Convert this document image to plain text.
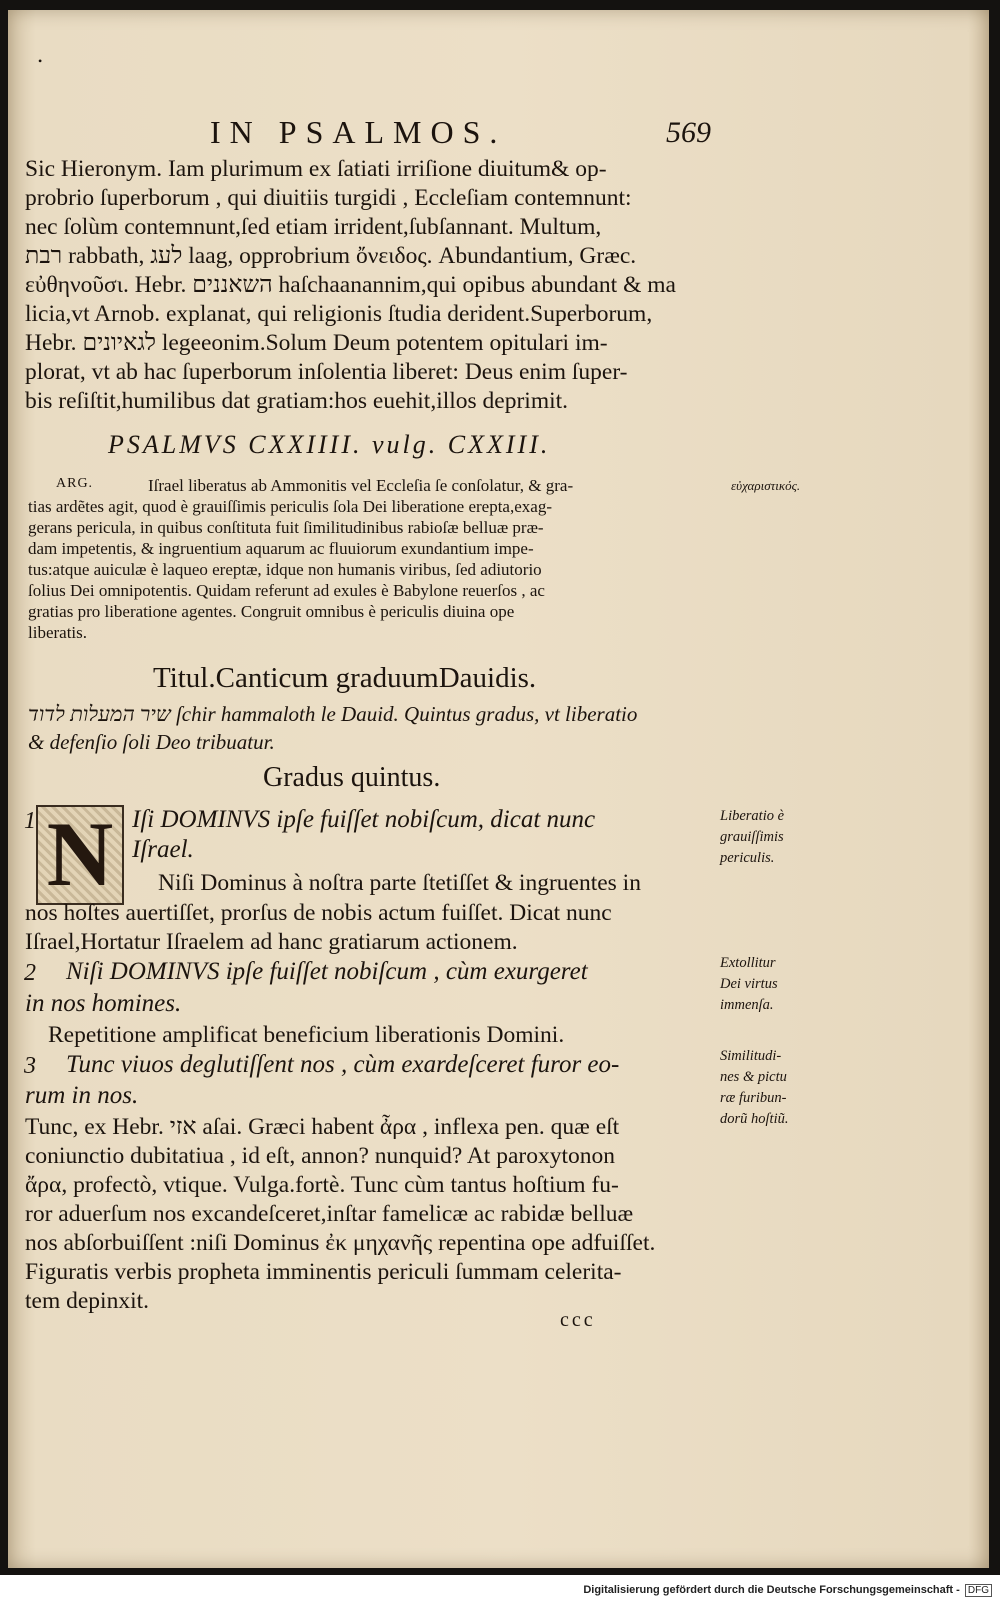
•
IN PSALMOS.	569
Sic Hieronym. Iam plurimum ex ſatiati irriſione diuitum& op-
probrio ſuperborum , qui diuitiis turgidi , Eccleſiam contemnunt:
nec ſolùm contemnunt,ſed etiam irrident,ſubſannant. Multum,
רבת rabbath, לעג laag, opprobrium ὄνειδος. Abundantium, Græc.
εὐθηνοῦσι. Hebr. השאננים haſchaanannim,qui opibus abundant & ma
licia,vt Arnob. explanat, qui religionis ſtudia derident.Superborum,
Hebr. לגאיונים legeeonim.Solum Deum potentem opitulari im-
plorat, vt ab hac ſuperborum inſolentia liberet: Deus enim ſuper-
bis reſiſtit,humilibus dat gratiam:hos euehit,illos deprimit.
PSALMVS CXXIIII. vulg. CXXIII.
ARG.	εὐχαριστικός.
Iſrael liberatus ab Ammonitis vel Eccleſia ſe conſolatur, & gra-
tias ardẽtes agit, quod è grauiſſimis periculis ſola Dei liberatione erepta,exag-
gerans pericula, in quibus conſtituta fuit ſimilitudinibus rabioſæ belluæ præ-
dam impetentis, & ingruentium aquarum ac fluuiorum exundantium impe-
tus:atque auiculæ è laqueo ereptæ, idque non humanis viribus, ſed adiutorio
ſolius Dei omnipotentis. Quidam referunt ad exules è Babylone reuerſos , ac
gratias pro liberatione agentes. Congruit omnibus è periculis diuina ope
liberatis.
Titul.Canticum graduumDauidis.
שיר המעלות לדוד ſchir hammaloth le Dauid. Quintus gradus, vt liberatio
& defenſio ſoli Deo tribuatur.
Gradus quintus.
1 N Iſi DOMINVS ipſe fuiſſet nobiſcum, dicat nunc
Iſrael.
Niſi Dominus à noſtra parte ſtetiſſet & ingruentes in
nos hoſtes auertiſſet, prorſus de nobis actum fuiſſet. Dicat nunc
Iſrael,Hortatur Iſraelem ad hanc gratiarum actionem.
2 Niſi DOMINVS ipſe fuiſſet nobiſcum , cùm exurgeret
in nos homines.
Repetitione amplificat beneficium liberationis Domini.
3 Tunc viuos deglutiſſent nos , cùm exardeſceret furor eo-
rum in nos.
Tunc, ex Hebr. אזי aſai. Græci habent ἆρα , inflexa pen. quæ eſt
coniunctio dubitatiua , id eſt, annon? nunquid? At paroxytonon
ἄρα, profectò, vtique. Vulga.fortè. Tunc cùm tantus hoſtium fu-
ror aduerſum nos excandeſceret,inſtar famelicæ ac rabidæ belluæ
nos abſorbuiſſent :niſi Dominus ἐκ μηχανῆς repentina ope adfuiſſet.
Figuratis verbis propheta imminentis periculi ſummam celerita-
tem depinxit.
Liberatio è
grauiſſimis
periculis.
Extollitur
Dei virtus
immenſa.
Similitudi-
nes & pictu
ræ furibun-
dorũ hoſtiũ.
ccc
Digitalisierung gefördert durch die Deutsche Forschungsgemeinschaft - DFG
